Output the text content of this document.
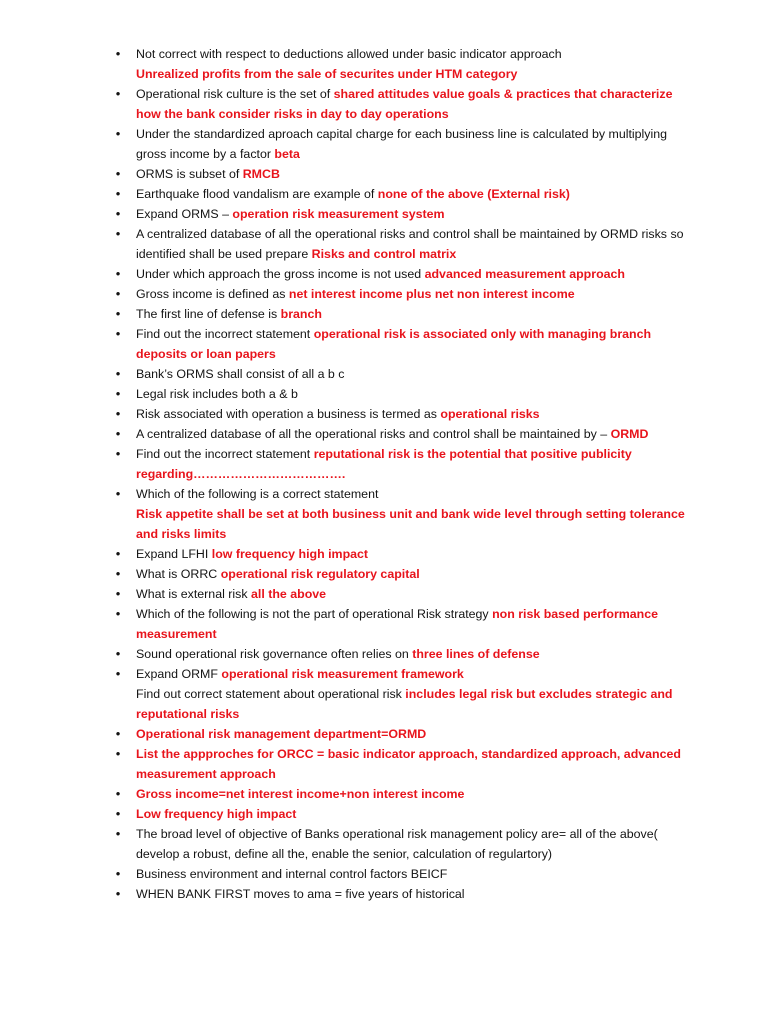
•	Not correct with respect to deductions allowed under basic indicator approach
Unrealized profits from the sale of securites under HTM category
•	Operational risk culture is the set of shared attitudes value goals & practices that characterize how the bank consider risks in day to day operations
•	Under the standardized aproach capital charge for each business line is calculated by multiplying gross income by a factor beta
•	ORMS is subset of RMCB
•	Earthquake flood vandalism are example of none of the above (External risk)
•	Expand ORMS – operation risk measurement system
•	A centralized database of all the operational risks and control shall be maintained by ORMD risks so identified shall be used prepare Risks and control matrix
•	Under which approach the gross income is not used advanced measurement approach
•	Gross income is defined as net interest income plus net non interest income
•	The first line of defense is branch
•	Find out the incorrect statement operational risk is associated only with managing branch deposits or loan papers
•	Bank’s ORMS shall consist of all a b c
•	Legal risk includes both a & b
•	Risk associated with operation a business is termed as operational risks
•	A centralized database of all the operational risks and control shall be maintained by – ORMD
•	Find out the incorrect statement reputational risk is the potential that positive publicity regarding……………………………….
•	Which of the following is a correct statement
Risk appetite shall be set at both business unit and bank wide level through setting tolerance and risks limits
•	Expand LFHI low frequency high impact
•	What is ORRC operational risk regulatory capital
•	What is external risk all the above
•	Which of the following is not the part of operational Risk strategy non risk based performance measurement
•	Sound operational risk governance often relies on three lines of defense
•	Expand ORMF operational risk measurement framework
Find out correct statement about operational risk includes legal risk but excludes strategic and reputational risks
•	Operational risk management department=ORMD
•	List the appproches for ORCC = basic indicator approach, standardized approach, advanced measurement approach
•	Gross income=net interest income+non interest income
•	Low frequency high impact
•	The broad level of objective of Banks operational risk management policy are= all of the above( develop a robust, define all the, enable the senior, calculation of regulartory)
•	Business environment and internal control factors BEICF
•	WHEN BANK FIRST moves to ama = five years of historical
